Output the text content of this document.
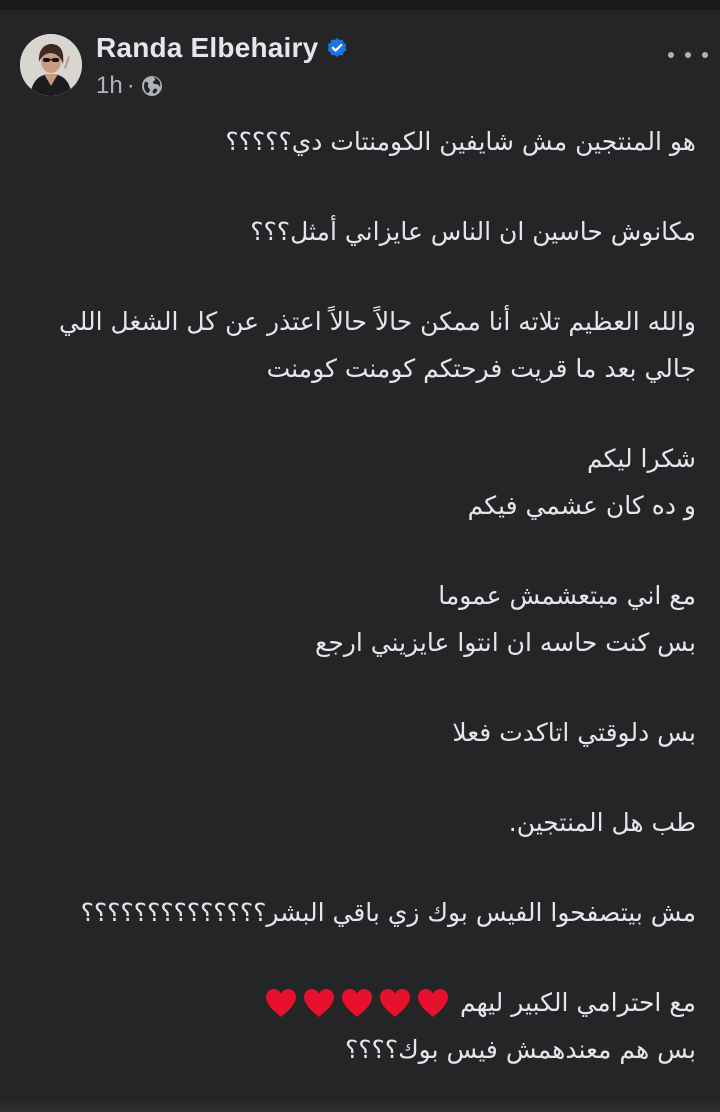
Randa Elbehairy
1h ·
هو المنتجين مش شايفين الكومنتات دي؟؟؟؟؟
مكانوش حاسين ان الناس عايزاني أمثل؟؟؟
والله العظيم تلاته أنا ممكن حالاً حالاً اعتذر عن كل الشغل اللي
جالي بعد ما قريت فرحتكم كومنت كومنت
شكرا ليكم
و ده كان عشمي فيكم
مع اني مبتعشمش عموما
بس كنت حاسه ان انتوا عايزيني ارجع
بس دلوقتي اتاكدت فعلا
طب هل المنتجين.
مش بيتصفحوا الفيس بوك زي باقي البشر؟؟؟؟؟؟؟؟؟؟؟؟؟؟
مع احترامي الكبير ليهم
بس هم معندهمش فيس بوك؟؟؟؟
